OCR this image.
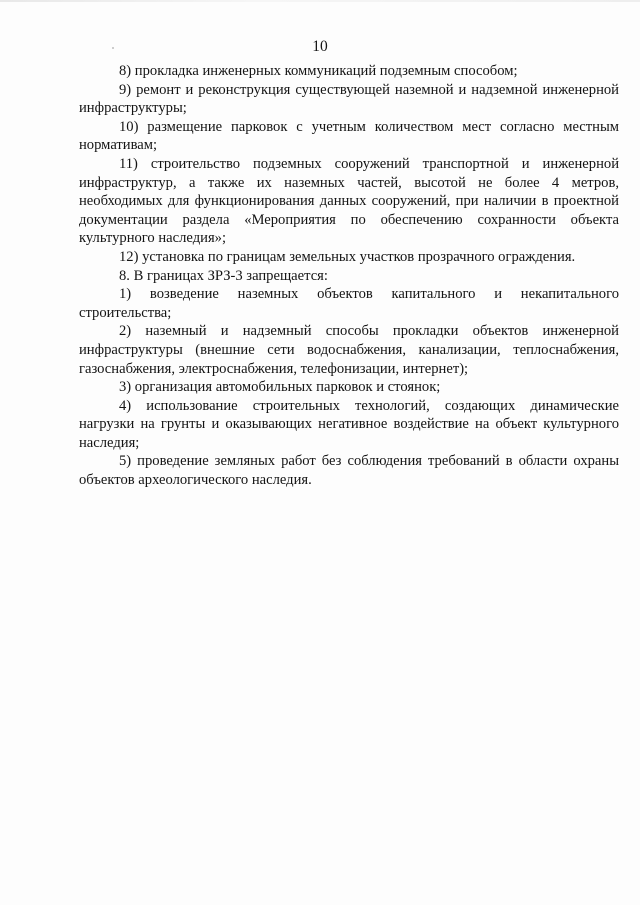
10

8) прокладка инженерных коммуникаций подземным способом;

9) ремонт и реконструкция существующей наземной и надземной инженерной инфраструктуры;

10) размещение парковок с учетным количеством мест согласно местным нормативам;

11) строительство подземных сооружений транспортной и инженерной инфраструктур, а также их наземных частей, высотой не более 4 метров, необходимых для функционирования данных сооружений, при наличии в проектной документации раздела «Мероприятия по обеспечению сохранности объекта культурного наследия»;

12) установка по границам земельных участков прозрачного ограждения.

8. В границах ЗРЗ-3 запрещается:

1) возведение наземных объектов капитального и некапитального строительства;

2) наземный и надземный способы прокладки объектов инженерной инфраструктуры (внешние сети водоснабжения, канализации, теплоснабжения, газоснабжения, электроснабжения, телефонизации, интернет);

3) организация автомобильных парковок и стоянок;

4) использование строительных технологий, создающих динамические нагрузки на грунты и оказывающих негативное воздействие на объект культурного наследия;

5) проведение земляных работ без соблюдения требований в области охраны объектов археологического наследия.
